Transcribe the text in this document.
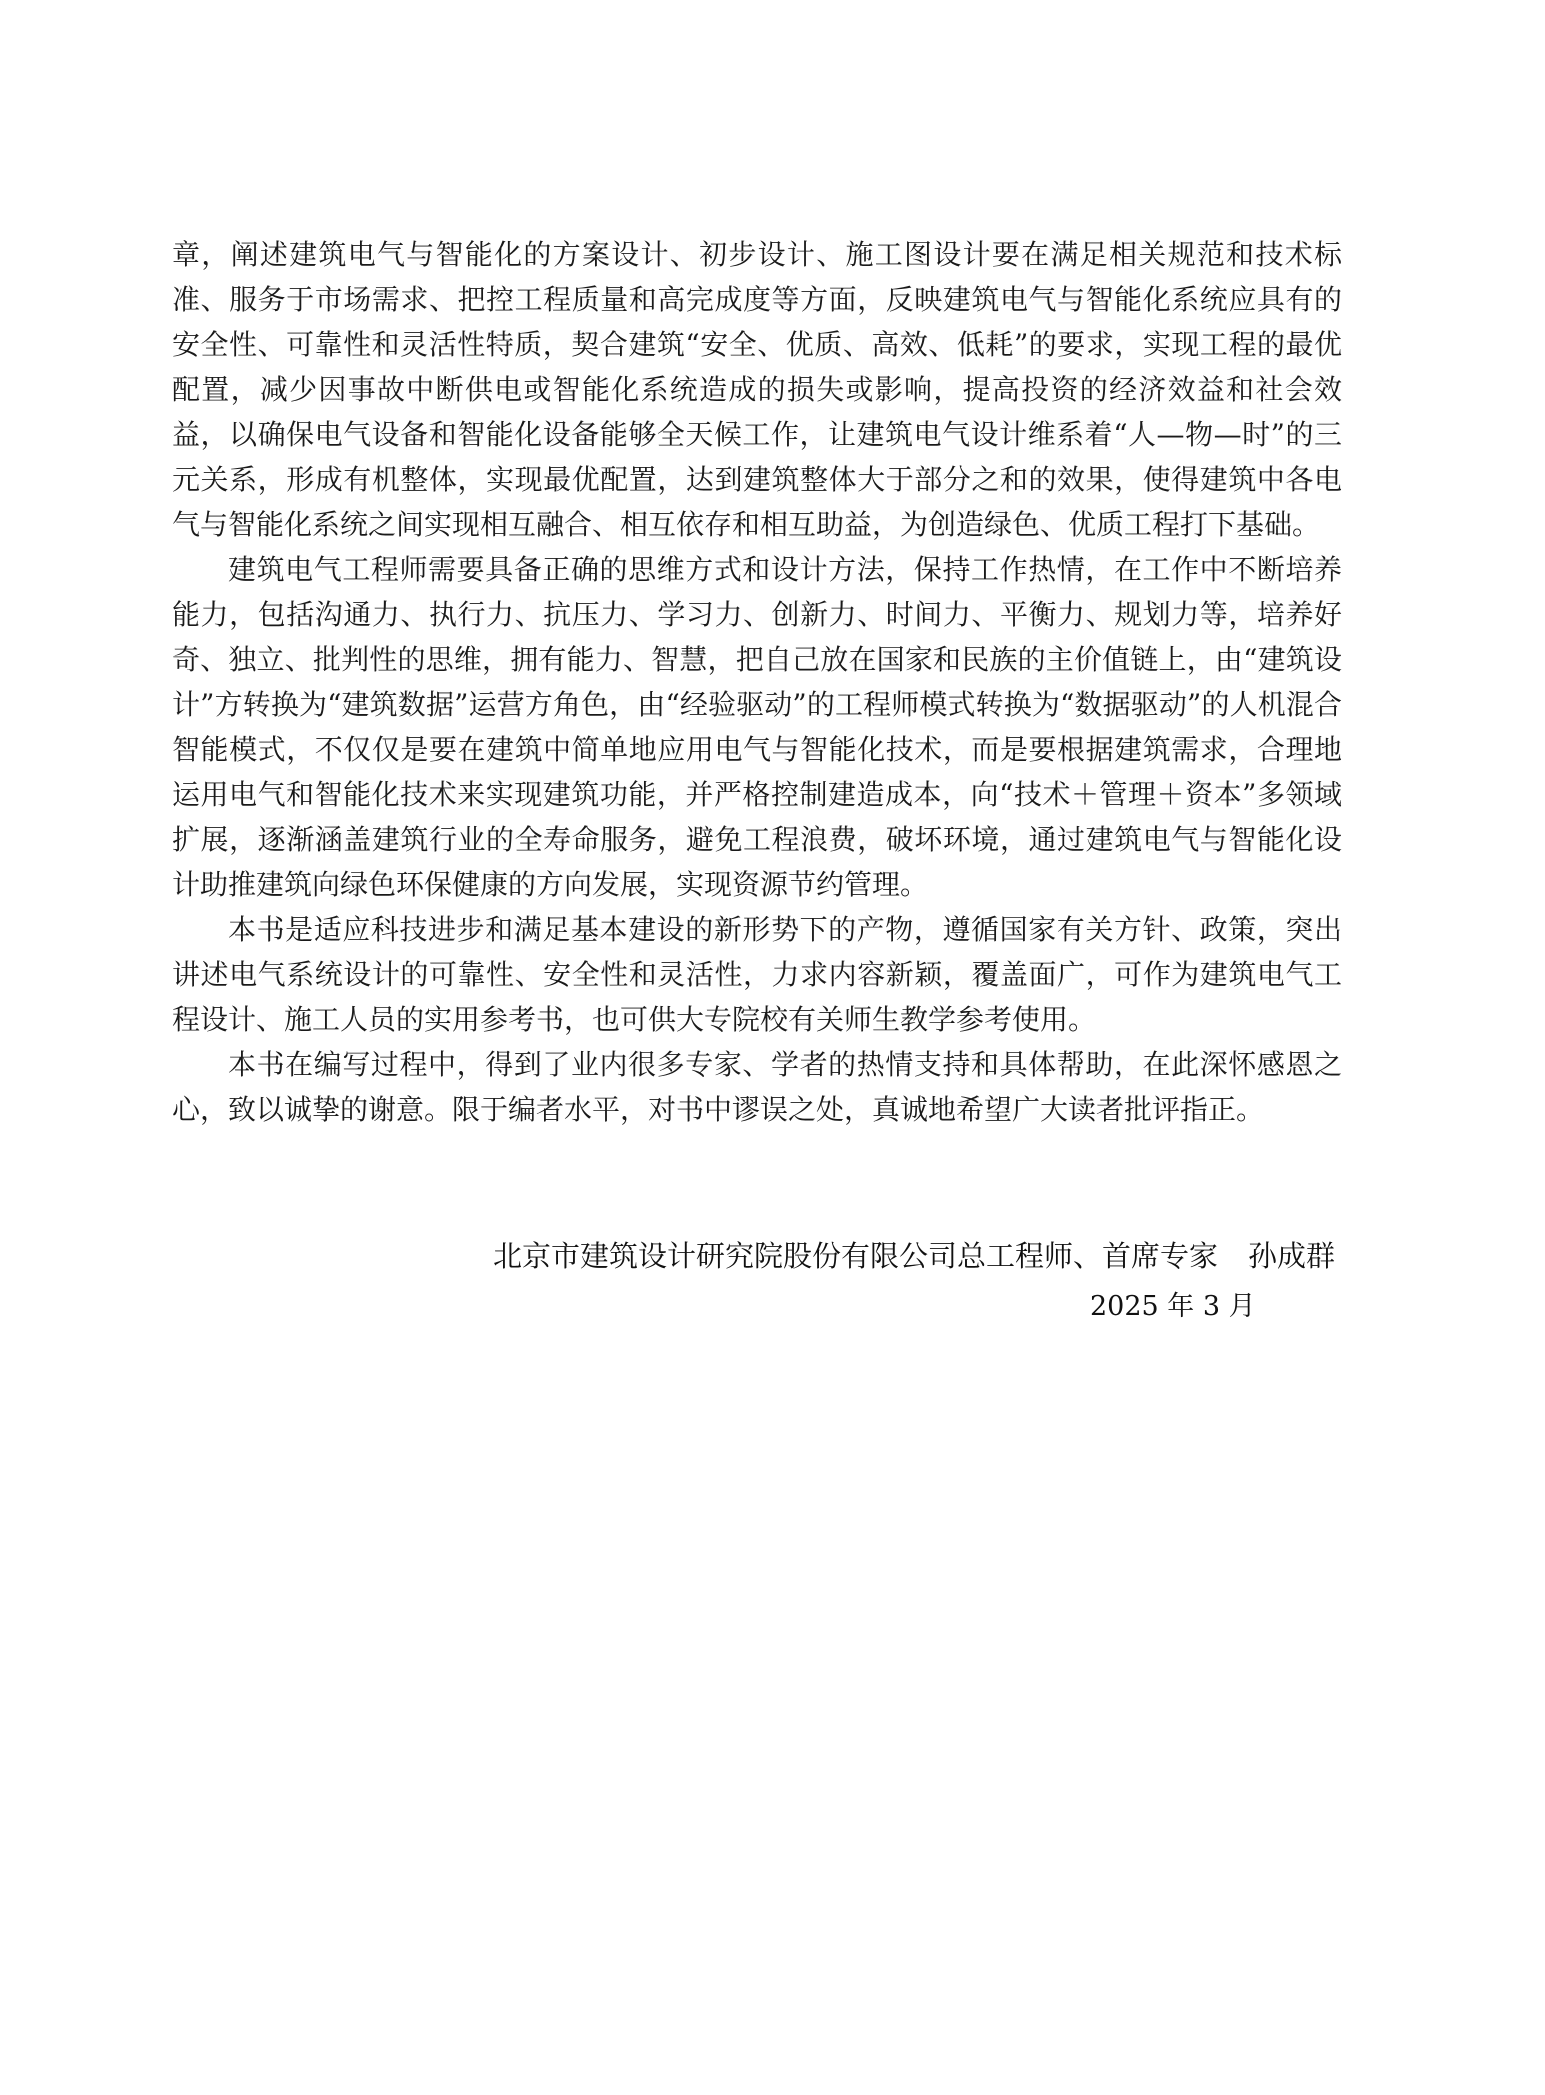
章，阐述建筑电气与智能化的方案设计、初步设计、施工图设计要在满足相关规范和技术标准、服务于市场需求、把控工程质量和高完成度等方面，反映建筑电气与智能化系统应具有的安全性、可靠性和灵活性特质，契合建筑“安全、优质、高效、低耗”的要求，实现工程的最优配置，减少因事故中断供电或智能化系统造成的损失或影响，提高投资的经济效益和社会效益，以确保电气设备和智能化设备能够全天候工作，让建筑电气设计维系着“人—物—时”的三元关系，形成有机整体，实现最优配置，达到建筑整体大于部分之和的效果，使得建筑中各电气与智能化系统之间实现相互融合、相互依存和相互助益，为创造绿色、优质工程打下基础。

建筑电气工程师需要具备正确的思维方式和设计方法，保持工作热情，在工作中不断培养能力，包括沟通力、执行力、抗压力、学习力、创新力、时间力、平衡力、规划力等，培养好奇、独立、批判性的思维，拥有能力、智慧，把自己放在国家和民族的主价值链上，由“建筑设计”方转换为“建筑数据”运营方角色，由“经验驱动”的工程师模式转换为“数据驱动”的人机混合智能模式，不仅仅是要在建筑中简单地应用电气与智能化技术，而是要根据建筑需求，合理地运用电气和智能化技术来实现建筑功能，并严格控制建造成本，向“技术＋管理＋资本”多领域扩展，逐渐涵盖建筑行业的全寿命服务，避免工程浪费，破坏环境，通过建筑电气与智能化设计助推建筑向绿色环保健康的方向发展，实现资源节约管理。

本书是适应科技进步和满足基本建设的新形势下的产物，遵循国家有关方针、政策，突出讲述电气系统设计的可靠性、安全性和灵活性，力求内容新颖，覆盖面广，可作为建筑电气工程设计、施工人员的实用参考书，也可供大专院校有关师生教学参考使用。

本书在编写过程中，得到了业内很多专家、学者的热情支持和具体帮助，在此深怀感恩之心，致以诚挚的谢意。限于编者水平，对书中谬误之处，真诚地希望广大读者批评指正。

北京市建筑设计研究院股份有限公司总工程师、首席专家 孙成群
2025 年 3 月
